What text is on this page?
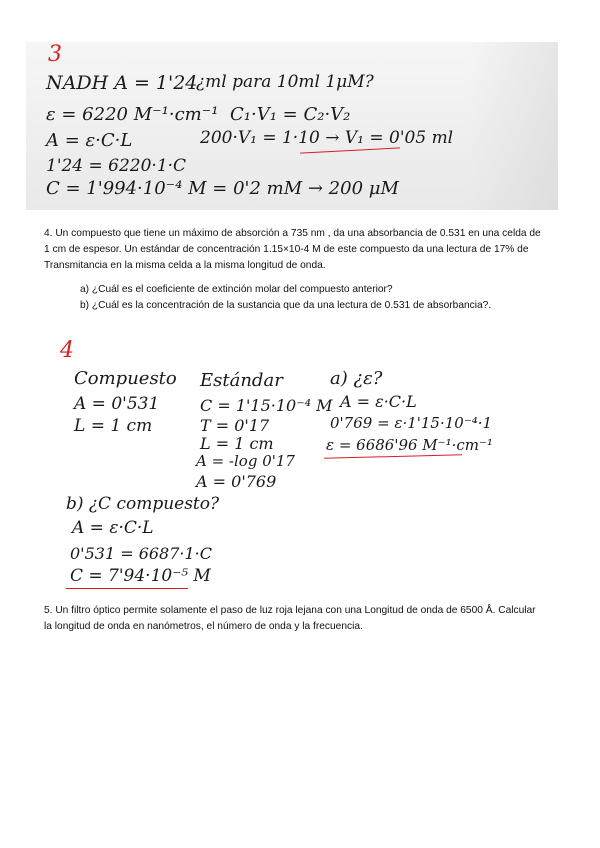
3
NADH A = 1'24
¿ml para 10ml 1μM?
ε = 6220 M⁻¹·cm⁻¹ C₁·V₁ = C₂·V₂
A = ε·C·L	200·V₁ = 1·10 → V₁ = 0'05 ml
1'24 = 6220·1·C
C = 1'994·10⁻⁴ M = 0'2 mM → 200 μM
4. Un compuesto que tiene un máximo de absorción a 735 nm , da una absorbancia de 0.531 en una celda de 1 cm de espesor. Un estándar de concentración 1.15×10-4 M de este compuesto da una lectura de 17% de Transmitancia en la misma celda a la misma longitud de onda.
a) ¿Cuál es el coeficiente de extinción molar del compuesto anterior?
b) ¿Cuál es la concentración de la sustancia que da una lectura de 0.531 de absorbancia?.
4
Compuesto
A = 0'531
L = 1 cm
Estándar
C = 1'15·10⁻⁴ M
T = 0'17
L = 1 cm
A = -log 0'17
A = 0'769
a) ¿ε?
A = ε·C·L
0'769 = ε·1'15·10⁻⁴·1
ε = 6686'96 M⁻¹·cm⁻¹
b) ¿C compuesto?
A = ε·C·L
0'531 = 6687·1·C
C = 7'94·10⁻⁵ M
5. Un filtro óptico permite solamente el paso de luz roja lejana con una Longitud de onda de 6500 Å. Calcular la longitud de onda en nanómetros, el número de onda y la frecuencia.
